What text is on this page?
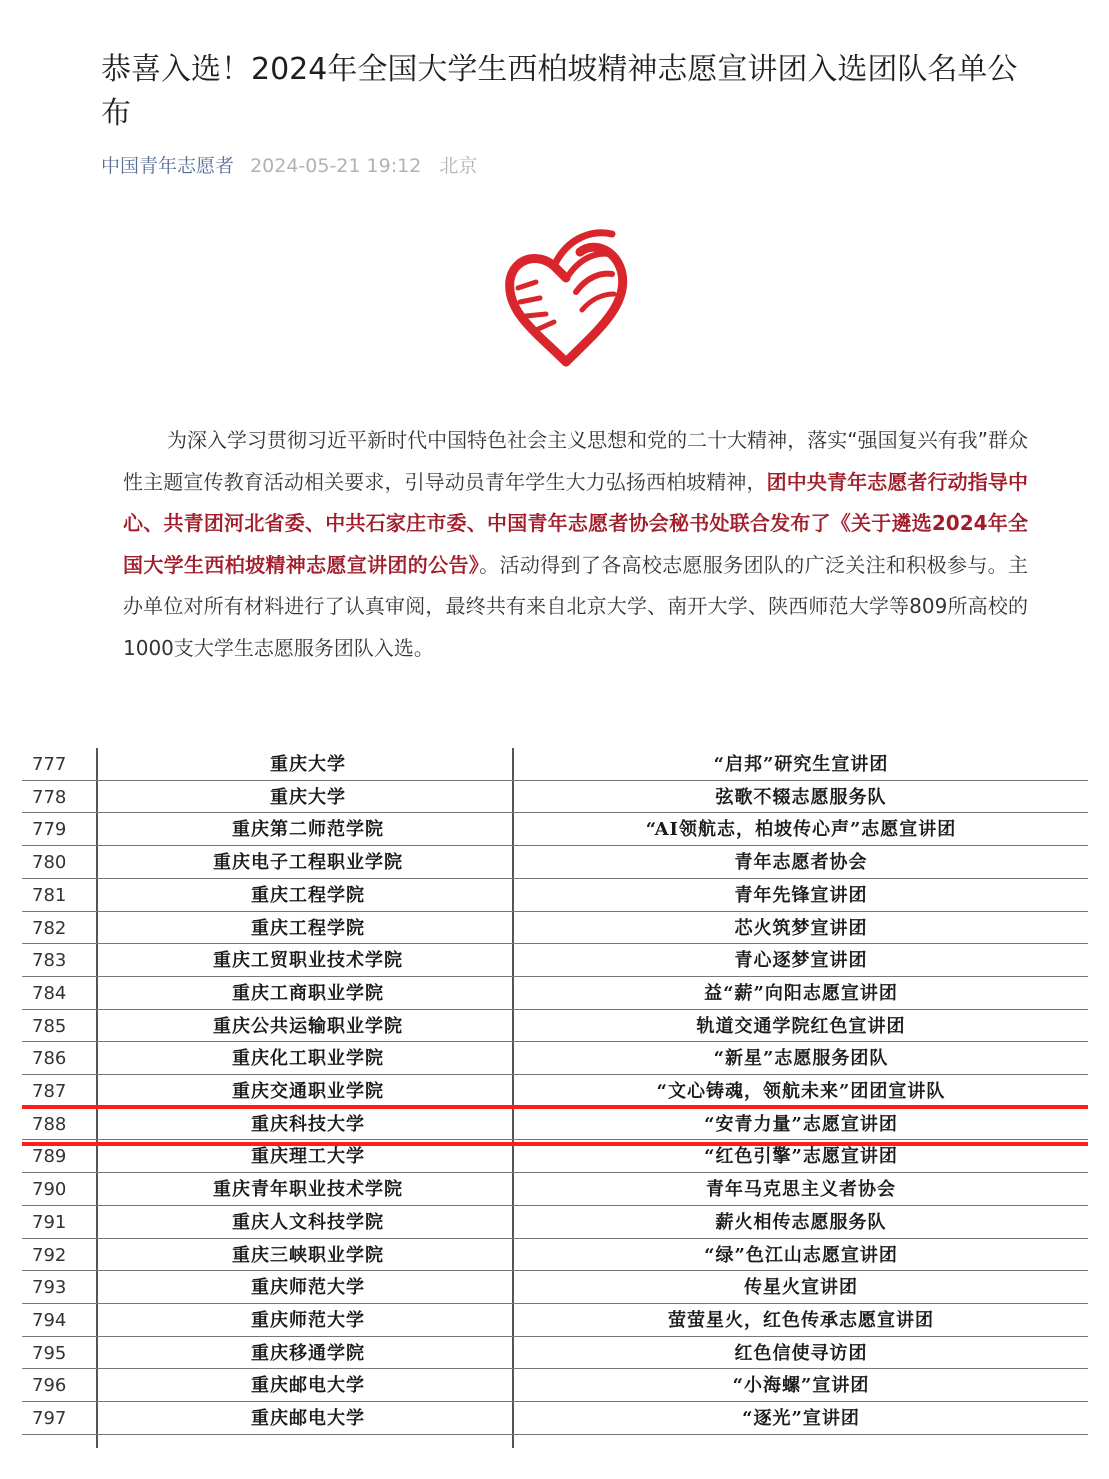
恭喜入选！2024年全国大学生西柏坡精神志愿宣讲团入选团队名单公布
中国青年志愿者 2024-05-21 19:12 北京

为深入学习贯彻习近平新时代中国特色社会主义思想和党的二十大精神，落实“强国复兴有我”群众性主题宣传教育活动相关要求，引导动员青年学生大力弘扬西柏坡精神，团中央青年志愿者行动指导中心、共青团河北省委、中共石家庄市委、中国青年志愿者协会秘书处联合发布了《关于遴选2024年全国大学生西柏坡精神志愿宣讲团的公告》。活动得到了各高校志愿服务团队的广泛关注和积极参与。主办单位对所有材料进行了认真审阅，最终共有来自北京大学、南开大学、陕西师范大学等809所高校的1000支大学生志愿服务团队入选。

777	重庆大学	“启邦”研究生宣讲团
778	重庆大学	弦歌不辍志愿服务队
779	重庆第二师范学院	“AI领航志，柏坡传心声”志愿宣讲团
780	重庆电子工程职业学院	青年志愿者协会
781	重庆工程学院	青年先锋宣讲团
782	重庆工程学院	芯火筑梦宣讲团
783	重庆工贸职业技术学院	青心逐梦宣讲团
784	重庆工商职业学院	益“薪”向阳志愿宣讲团
785	重庆公共运输职业学院	轨道交通学院红色宣讲团
786	重庆化工职业学院	“新星”志愿服务团队
787	重庆交通职业学院	“文心铸魂，领航未来”团团宣讲队
788	重庆科技大学	“安青力量”志愿宣讲团
789	重庆理工大学	“红色引擎”志愿宣讲团
790	重庆青年职业技术学院	青年马克思主义者协会
791	重庆人文科技学院	薪火相传志愿服务队
792	重庆三峡职业学院	“绿”色江山志愿宣讲团
793	重庆师范大学	传星火宣讲团
794	重庆师范大学	萤萤星火，红色传承志愿宣讲团
795	重庆移通学院	红色信使寻访团
796	重庆邮电大学	“小海螺”宣讲团
797	重庆邮电大学	“逐光”宣讲团
